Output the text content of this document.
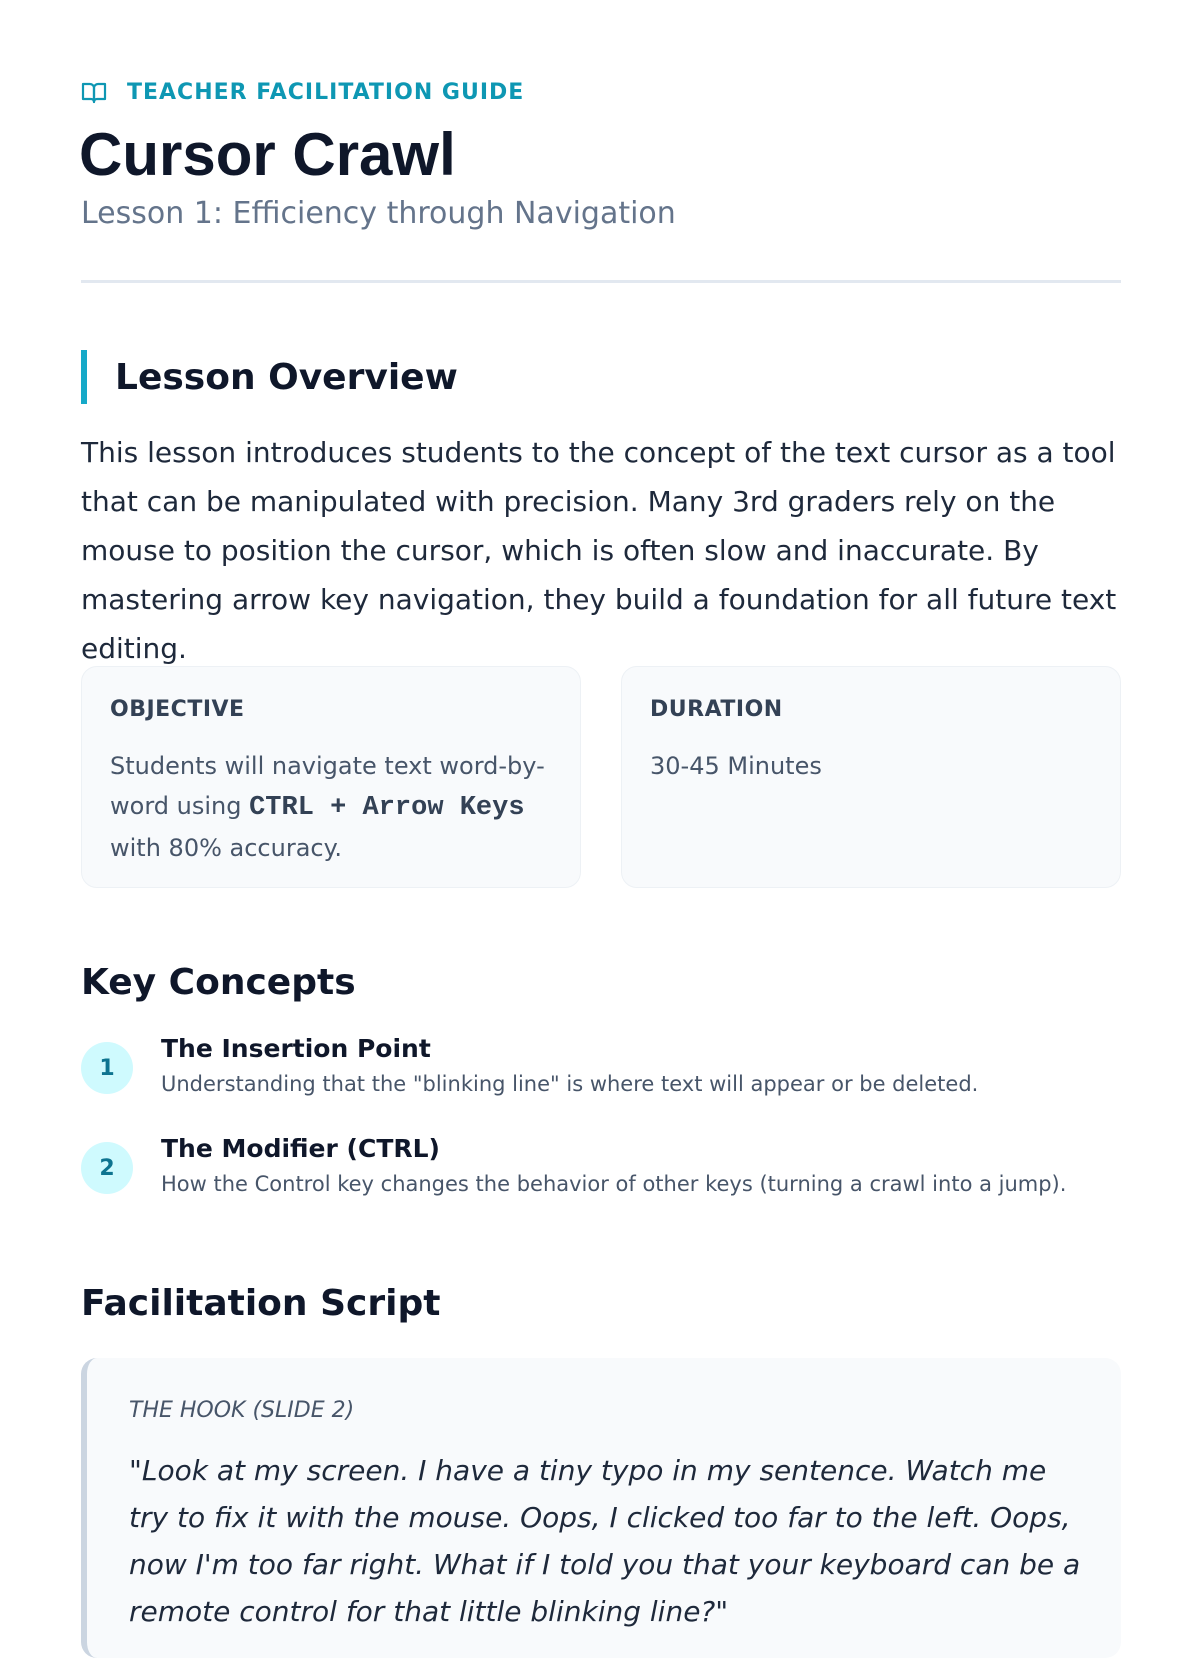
TEACHER FACILITATION GUIDE
Cursor Crawl
Lesson 1: Efficiency through Navigation
Lesson Overview

This lesson introduces students to the concept of the text cursor as a tool that can be manipulated with precision. Many 3rd graders rely on the mouse to position the cursor, which is often slow and inaccurate. By mastering arrow key navigation, they build a foundation for all future text editing.

OBJECTIVE
Students will navigate text word-by-word using CTRL + Arrow Keys with 80% accuracy.
DURATION
30-45 Minutes
Key Concepts
1
The Insertion Point
Understanding that the "blinking line" is where text will appear or be deleted.
2
The Modifier (CTRL)
How the Control key changes the behavior of other keys (turning a crawl into a jump).
Facilitation Script
THE HOOK (SLIDE 2)
"Look at my screen. I have a tiny typo in my sentence. Watch me try to fix it with the mouse. Oops, I clicked too far to the left. Oops, now I'm too far right. What if I told you that your keyboard can be a remote control for that little blinking line?"
